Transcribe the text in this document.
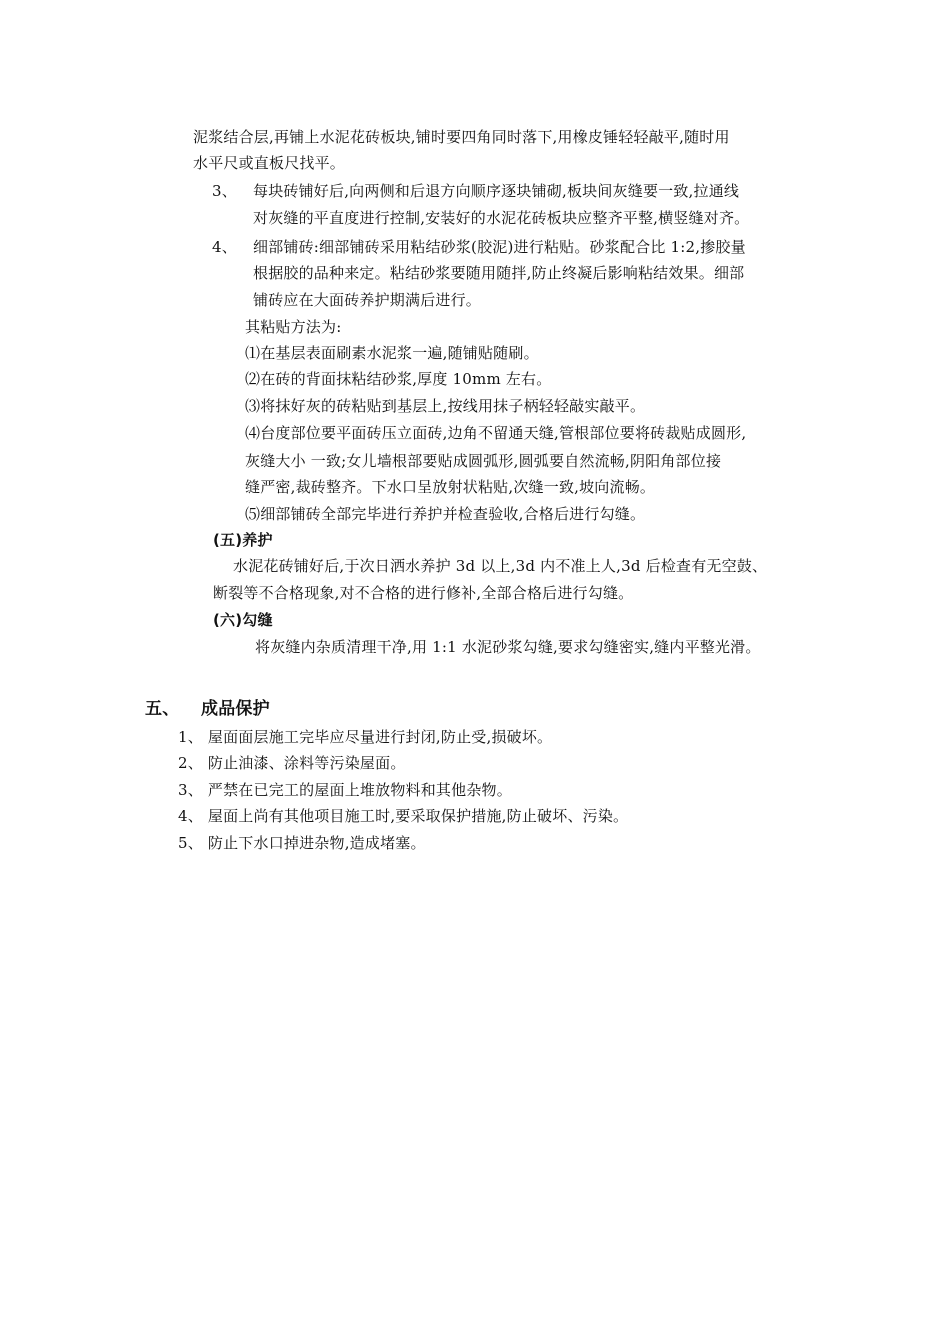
泥浆结合层,再铺上水泥花砖板块,铺时要四角同时落下,用橡皮锤轻轻敲平,随时用
水平尺或直板尺找平。
3、 每块砖铺好后,向两侧和后退方向顺序逐块铺砌,板块间灰缝要一致,拉通线
对灰缝的平直度进行控制,安装好的水泥花砖板块应整齐平整,横竖缝对齐。
4、 细部铺砖:细部铺砖采用粘结砂浆(胶泥)进行粘贴。砂浆配合比 1:2,掺胶量
根据胶的品种来定。粘结砂浆要随用随拌,防止终凝后影响粘结效果。细部
铺砖应在大面砖养护期满后进行。
其粘贴方法为:
⑴在基层表面刷素水泥浆一遍,随铺贴随刷。
⑵在砖的背面抹粘结砂浆,厚度 10mm 左右。
⑶将抹好灰的砖粘贴到基层上,按线用抹子柄轻轻敲实敲平。
⑷台度部位要平面砖压立面砖,边角不留通天缝,管根部位要将砖裁贴成圆形,
灰缝大小 一致;女儿墙根部要贴成圆弧形,圆弧要自然流畅,阴阳角部位接
缝严密,裁砖整齐。下水口呈放射状粘贴,次缝一致,坡向流畅。
⑸细部铺砖全部完毕进行养护并检查验收,合格后进行勾缝。
(五)养护
水泥花砖铺好后,于次日洒水养护 3d 以上,3d 内不准上人,3d 后检查有无空鼓、
断裂等不合格现象,对不合格的进行修补,全部合格后进行勾缝。
(六)勾缝
将灰缝内杂质清理干净,用 1:1 水泥砂浆勾缝,要求勾缝密实,缝内平整光滑。
五、 成品保护
1、 屋面面层施工完毕应尽量进行封闭,防止受,损破坏。
2、 防止油漆、涂料等污染屋面。
3、 严禁在已完工的屋面上堆放物料和其他杂物。
4、 屋面上尚有其他项目施工时,要采取保护措施,防止破坏、污染。
5、 防止下水口掉进杂物,造成堵塞。
